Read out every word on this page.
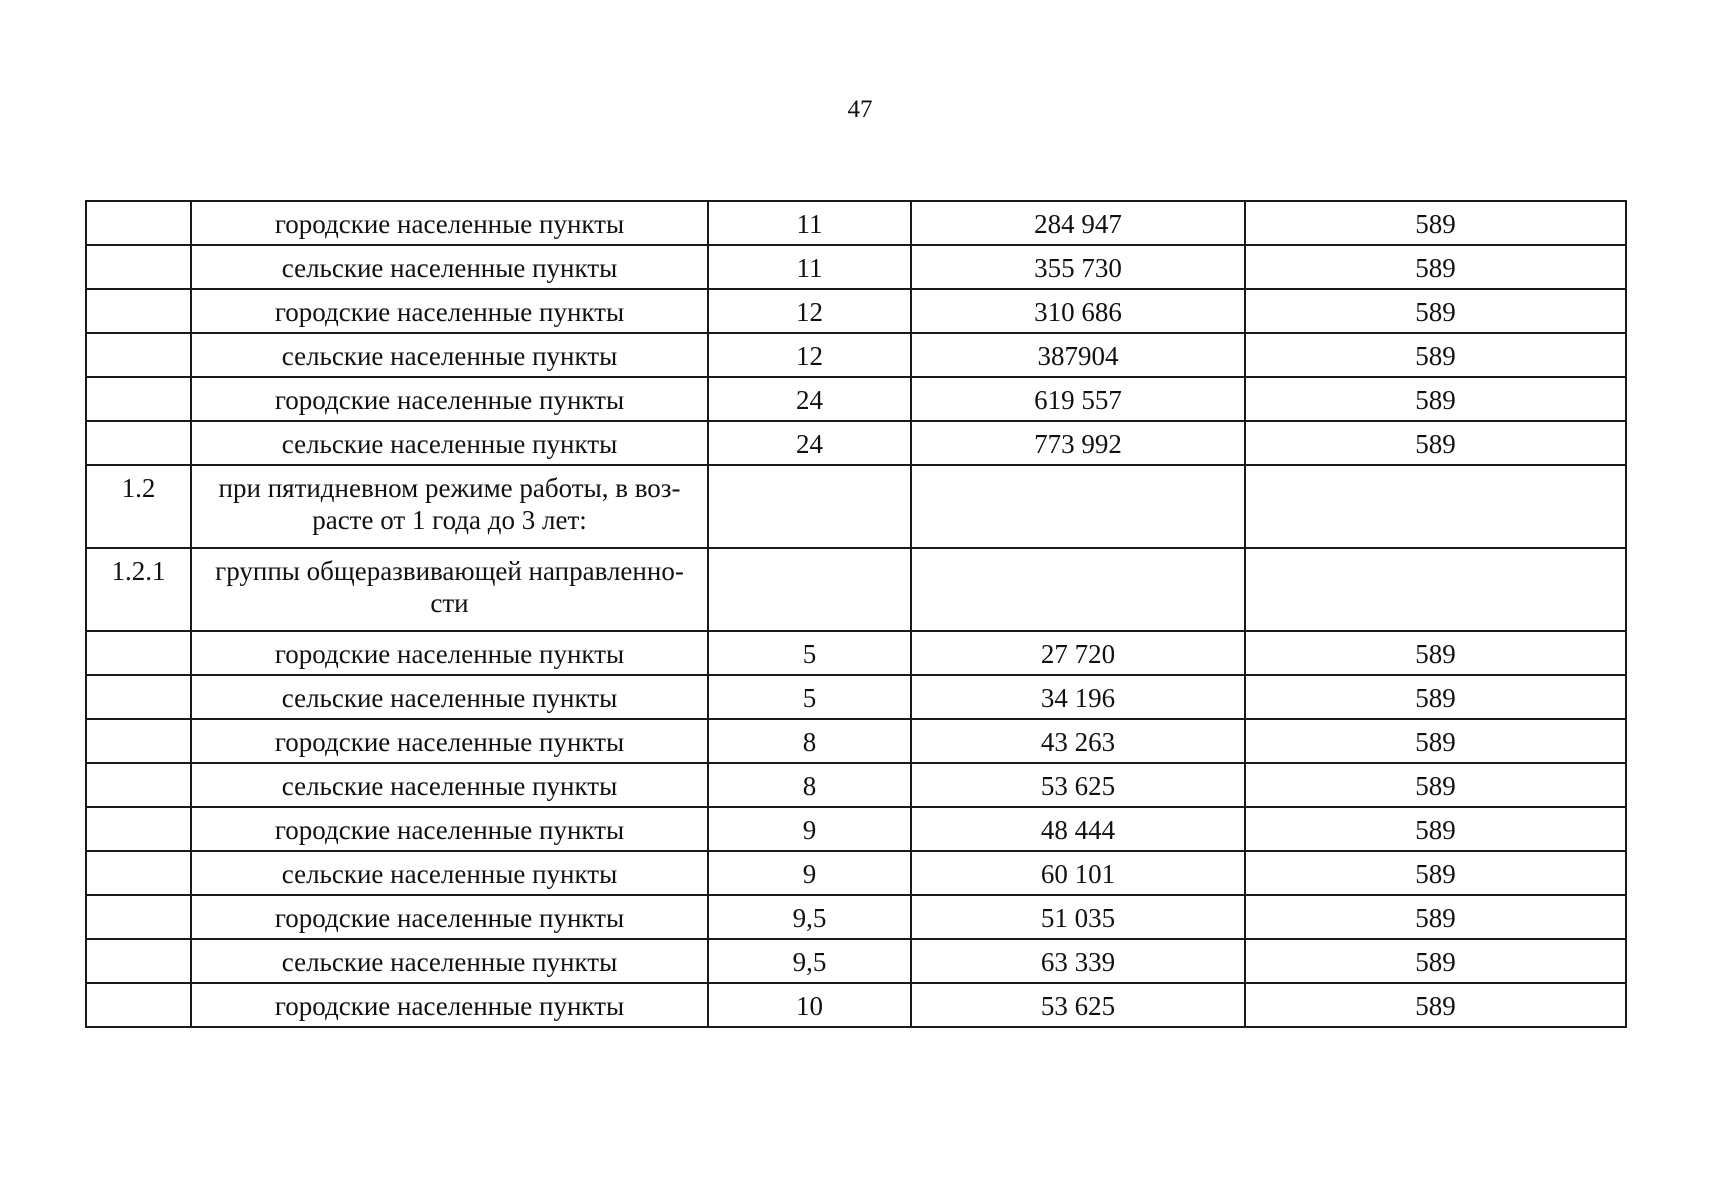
47
	городские населенные пункты	11	284 947	589
	сельские населенные пункты	11	355 730	589
	городские населенные пункты	12	310 686	589
	сельские населенные пункты	12	387904	589
	городские населенные пункты	24	619 557	589
	сельские населенные пункты	24	773 992	589
1.2	при пятидневном режиме работы, в воз-раcте от 1 года до 3 лет:			
1.2.1	группы общеразвивающей направленно-сти			
	городские населенные пункты	5	27 720	589
	сельские населенные пункты	5	34 196	589
	городские населенные пункты	8	43 263	589
	сельские населенные пункты	8	53 625	589
	городские населенные пункты	9	48 444	589
	сельские населенные пункты	9	60 101	589
	городские населенные пункты	9,5	51 035	589
	сельские населенные пункты	9,5	63 339	589
	городские населенные пункты	10	53 625	589
